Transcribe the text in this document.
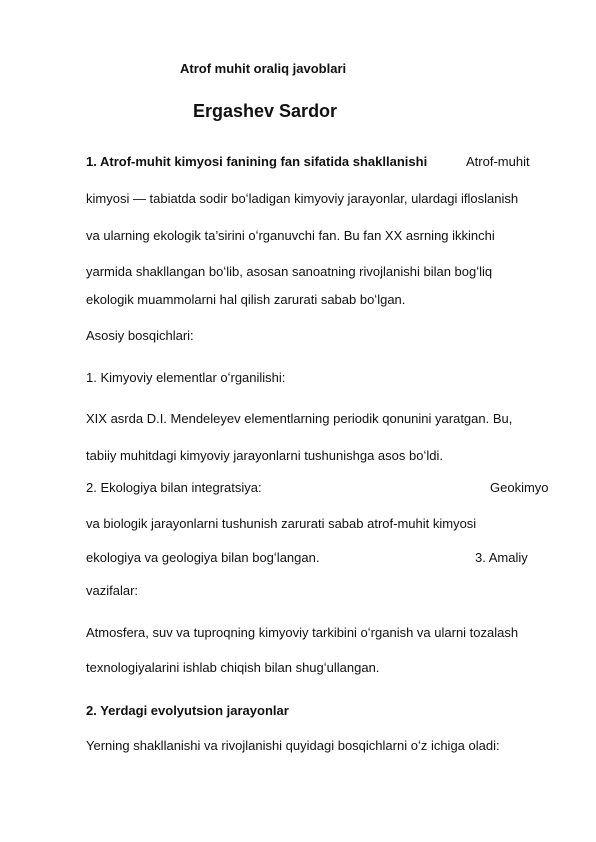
Atrof muhit oraliq javoblari
Ergashev Sardor
1. Atrof-muhit kimyosi fanining fan sifatida shakllanishi	Atrof-muhit
kimyosi — tabiatda sodir boʻladigan kimyoviy jarayonlar, ulardagi ifloslanish
va ularning ekologik ta’sirini oʻrganuvchi fan. Bu fan XX asrning ikkinchi
yarmida shakllangan boʻlib, asosan sanoatning rivojlanishi bilan bogʻliq
ekologik muammolarni hal qilish zarurati sabab boʻlgan.
Asosiy bosqichlari:
1. Kimyoviy elementlar oʻrganilishi:
XIX asrda D.I. Mendeleyev elementlarning periodik qonunini yaratgan. Bu,
tabiiy muhitdagi kimyoviy jarayonlarni tushunishga asos boʻldi.
2. Ekologiya bilan integratsiya:	Geokimyo
va biologik jarayonlarni tushunish zarurati sabab atrof-muhit kimyosi
ekologiya va geologiya bilan bogʻlangan.	3. Amaliy
vazifalar:
Atmosfera, suv va tuproqning kimyoviy tarkibini oʻrganish va ularni tozalash
texnologiyalarini ishlab chiqish bilan shugʻullangan.
2. Yerdagi evolyutsion jarayonlar
Yerning shakllanishi va rivojlanishi quyidagi bosqichlarni oʻz ichiga oladi:
